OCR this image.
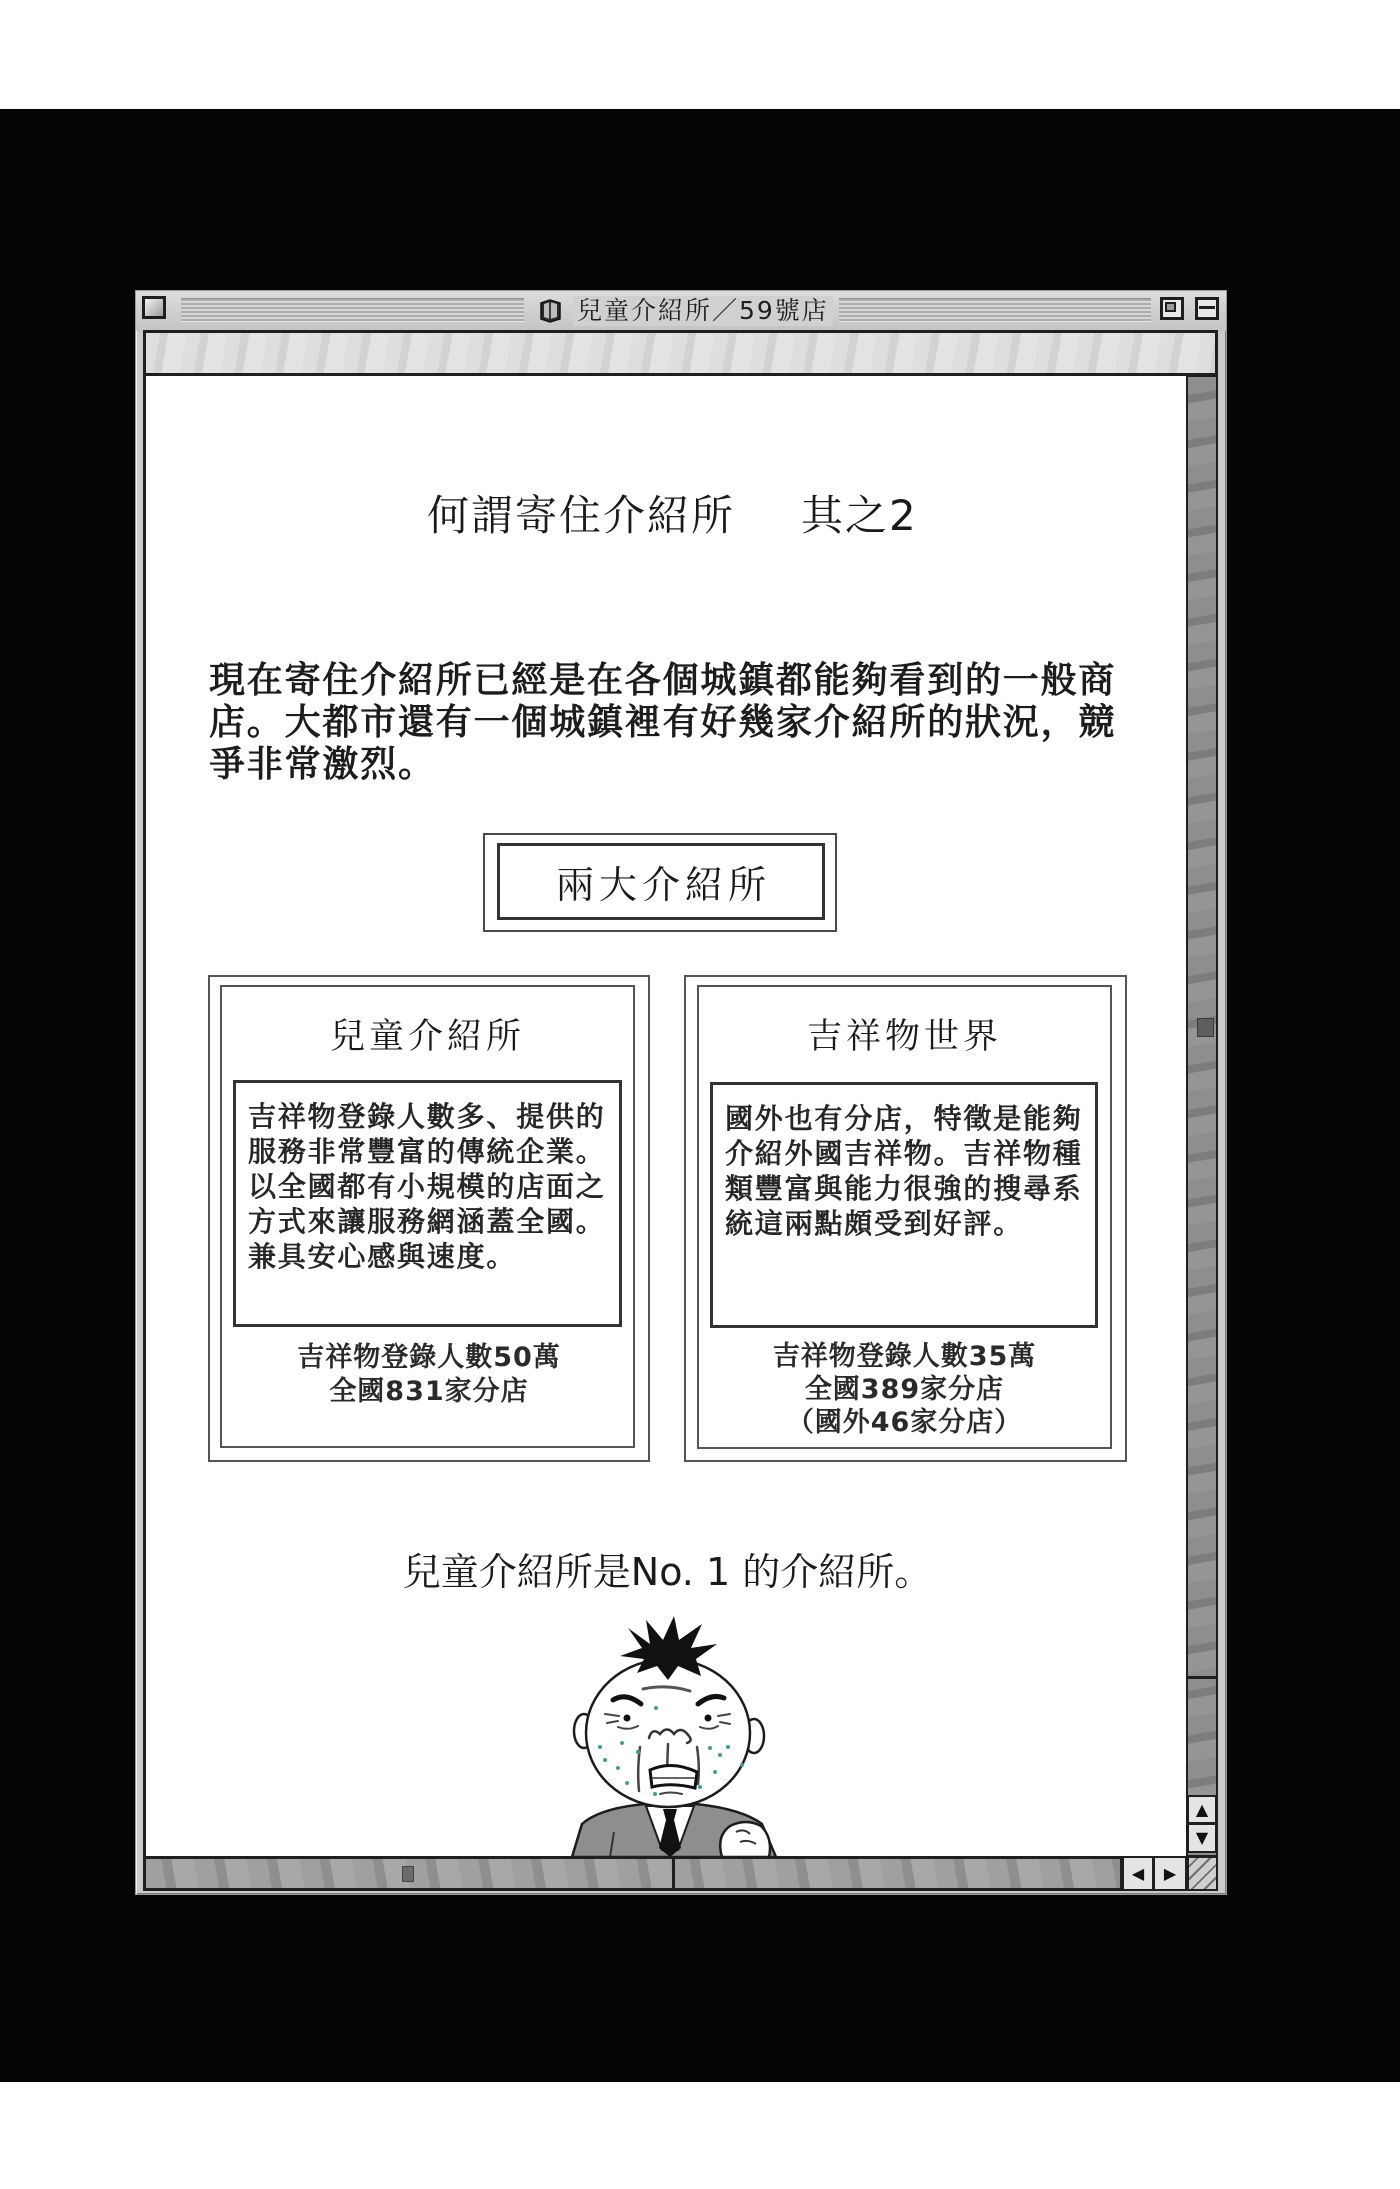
兒童介紹所／59號店
何謂寄住介紹所 其之2
現在寄住介紹所已經是在各個城鎮都能夠看到的一般商
店。大都市還有一個城鎮裡有好幾家介紹所的狀況，競
爭非常激烈。
兩大介紹所
兒童介紹所
吉祥物登錄人數多、提供的
服務非常豐富的傳統企業。
以全國都有小規模的店面之
方式來讓服務網涵蓋全國。
兼具安心感與速度。
吉祥物登錄人數50萬
全國831家分店
吉祥物世界
國外也有分店，特徵是能夠
介紹外國吉祥物。吉祥物種
類豐富與能力很強的搜尋系
統這兩點頗受到好評。
吉祥物登錄人數35萬
全國389家分店
（國外46家分店）
兒童介紹所是No. 1 的介紹所。
▲
▼
◀ ▶
